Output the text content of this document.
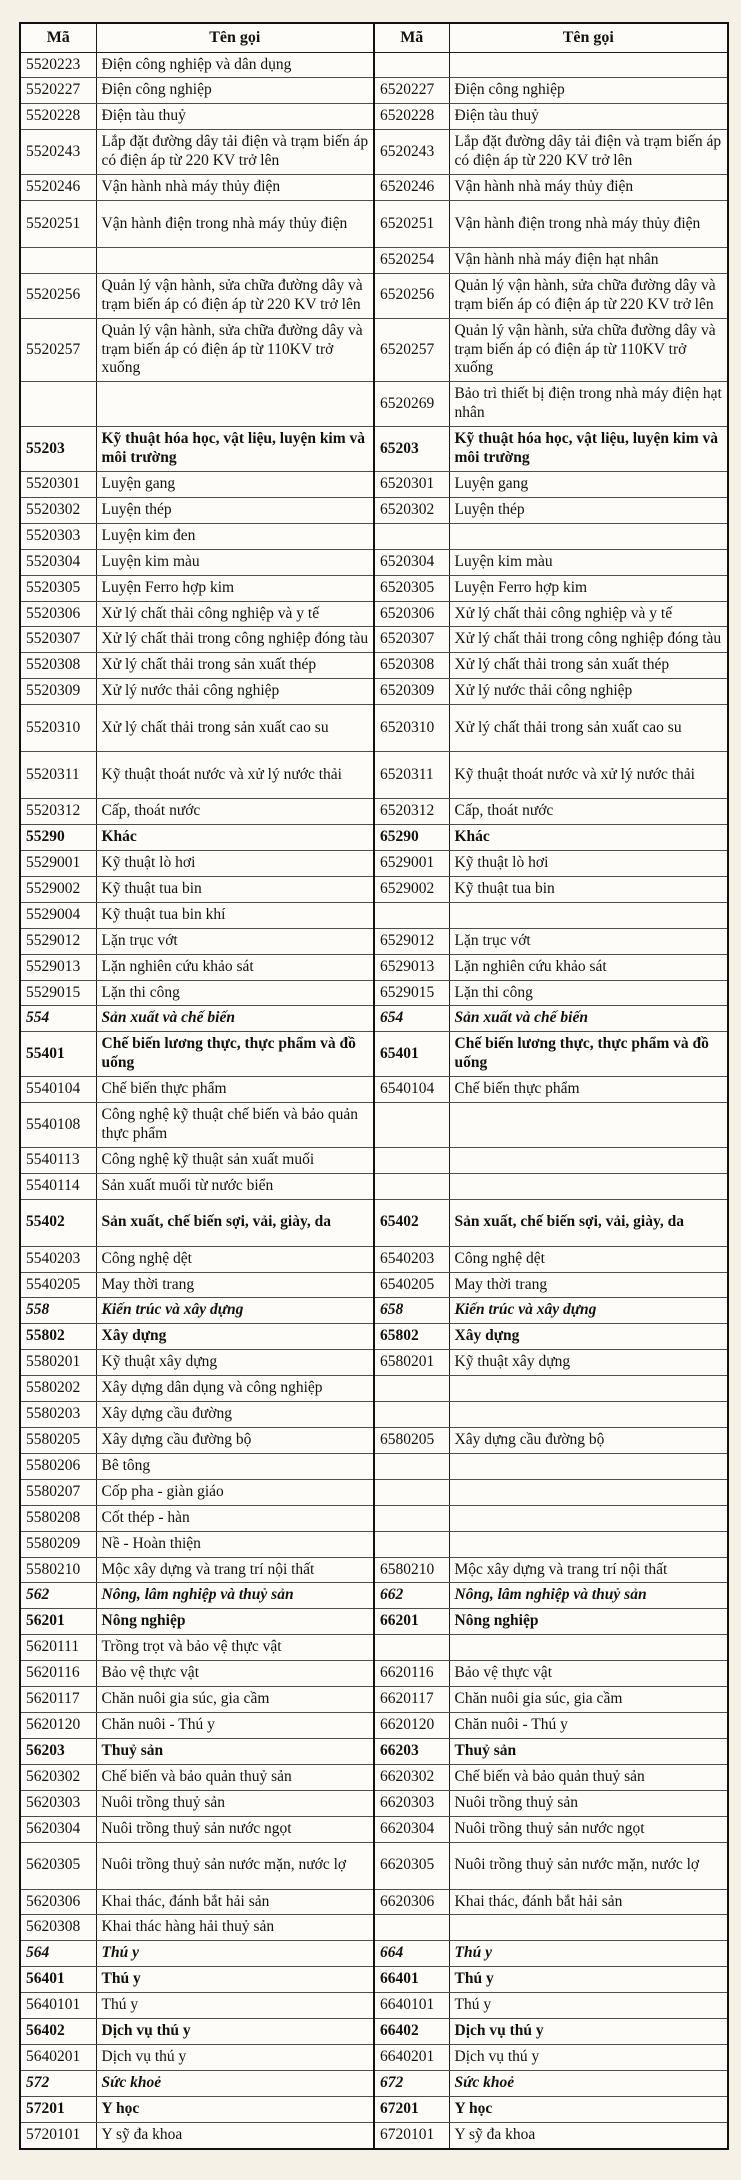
Mã	Tên gọi	Mã	Tên gọi
5520223	Điện công nghiệp và dân dụng		
5520227	Điện công nghiệp	6520227	Điện công nghiệp
5520228	Điện tàu thuỷ	6520228	Điện tàu thuỷ
5520243	Lắp đặt đường dây tải điện và trạm biến áp có điện áp từ 220 KV trở lên	6520243	Lắp đặt đường dây tải điện và trạm biến áp có điện áp từ 220 KV trở lên
5520246	Vận hành nhà máy thủy điện	6520246	Vận hành nhà máy thủy điện
5520251	Vận hành điện trong nhà máy thủy điện	6520251	Vận hành điện trong nhà máy thủy điện
		6520254	Vận hành nhà máy điện hạt nhân
5520256	Quản lý vận hành, sửa chữa đường dây và trạm biến áp có điện áp từ 220 KV trở lên	6520256	Quản lý vận hành, sửa chữa đường dây và trạm biến áp có điện áp từ 220 KV trở lên
5520257	Quản lý vận hành, sửa chữa đường dây và trạm biến áp có điện áp từ 110KV trở xuống	6520257	Quản lý vận hành, sửa chữa đường dây và trạm biến áp có điện áp từ 110KV trở xuống
		6520269	Bảo trì thiết bị điện trong nhà máy điện hạt nhân
55203	Kỹ thuật hóa học, vật liệu, luyện kim và môi trường	65203	Kỹ thuật hóa học, vật liệu, luyện kim và môi trường
5520301	Luyện gang	6520301	Luyện gang
5520302	Luyện thép	6520302	Luyện thép
5520303	Luyện kim đen		
5520304	Luyện kim màu	6520304	Luyện kim màu
5520305	Luyện Ferro hợp kim	6520305	Luyện Ferro hợp kim
5520306	Xử lý chất thải công nghiệp và y tế	6520306	Xử lý chất thải công nghiệp và y tế
5520307	Xử lý chất thải trong công nghiệp đóng tàu	6520307	Xử lý chất thải trong công nghiệp đóng tàu
5520308	Xử lý chất thải trong sản xuất thép	6520308	Xử lý chất thải trong sản xuất thép
5520309	Xử lý nước thải công nghiệp	6520309	Xử lý nước thải công nghiệp
5520310	Xử lý chất thải trong sản xuất cao su	6520310	Xử lý chất thải trong sản xuất cao su
5520311	Kỹ thuật thoát nước và xử lý nước thải	6520311	Kỹ thuật thoát nước và xử lý nước thải
5520312	Cấp, thoát nước	6520312	Cấp, thoát nước
55290	Khác	65290	Khác
5529001	Kỹ thuật lò hơi	6529001	Kỹ thuật lò hơi
5529002	Kỹ thuật tua bin	6529002	Kỹ thuật tua bin
5529004	Kỹ thuật tua bin khí		
5529012	Lặn trục vớt	6529012	Lặn trục vớt
5529013	Lặn nghiên cứu khảo sát	6529013	Lặn nghiên cứu khảo sát
5529015	Lặn thi công	6529015	Lặn thi công
554	Sản xuất và chế biến	654	Sản xuất và chế biến
55401	Chế biến lương thực, thực phẩm và đồ uống	65401	Chế biến lương thực, thực phẩm và đồ uống
5540104	Chế biến thực phẩm	6540104	Chế biến thực phẩm
5540108	Công nghệ kỹ thuật chế biến và bảo quản thực phẩm		
5540113	Công nghệ kỹ thuật sản xuất muối		
5540114	Sản xuất muối từ nước biển		
55402	Sản xuất, chế biến sợi, vải, giày, da	65402	Sản xuất, chế biến sợi, vải, giày, da
5540203	Công nghệ dệt	6540203	Công nghệ dệt
5540205	May thời trang	6540205	May thời trang
558	Kiến trúc và xây dựng	658	Kiến trúc và xây dựng
55802	Xây dựng	65802	Xây dựng
5580201	Kỹ thuật xây dựng	6580201	Kỹ thuật xây dựng
5580202	Xây dựng dân dụng và công nghiệp		
5580203	Xây dựng cầu đường		
5580205	Xây dựng cầu đường bộ	6580205	Xây dựng cầu đường bộ
5580206	Bê tông		
5580207	Cốp pha - giàn giáo		
5580208	Cốt thép - hàn		
5580209	Nề - Hoàn thiện		
5580210	Mộc xây dựng và trang trí nội thất	6580210	Mộc xây dựng và trang trí nội thất
562	Nông, lâm nghiệp và thuỷ sản	662	Nông, lâm nghiệp và thuỷ sản
56201	Nông nghiệp	66201	Nông nghiệp
5620111	Trồng trọt và bảo vệ thực vật		
5620116	Bảo vệ thực vật	6620116	Bảo vệ thực vật
5620117	Chăn nuôi gia súc, gia cầm	6620117	Chăn nuôi gia súc, gia cầm
5620120	Chăn nuôi - Thú y	6620120	Chăn nuôi - Thú y
56203	Thuỷ sản	66203	Thuỷ sản
5620302	Chế biến và bảo quản thuỷ sản	6620302	Chế biến và bảo quản thuỷ sản
5620303	Nuôi trồng thuỷ sản	6620303	Nuôi trồng thuỷ sản
5620304	Nuôi trồng thuỷ sản nước ngọt	6620304	Nuôi trồng thuỷ sản nước ngọt
5620305	Nuôi trồng thuỷ sản nước mặn, nước lợ	6620305	Nuôi trồng thuỷ sản nước mặn, nước lợ
5620306	Khai thác, đánh bắt hải sản	6620306	Khai thác, đánh bắt hải sản
5620308	Khai thác hàng hải thuỷ sản		
564	Thú y	664	Thú y
56401	Thú y	66401	Thú y
5640101	Thú y	6640101	Thú y
56402	Dịch vụ thú y	66402	Dịch vụ thú y
5640201	Dịch vụ thú y	6640201	Dịch vụ thú y
572	Sức khoẻ	672	Sức khoẻ
57201	Y học	67201	Y học
5720101	Y sỹ đa khoa	6720101	Y sỹ đa khoa
